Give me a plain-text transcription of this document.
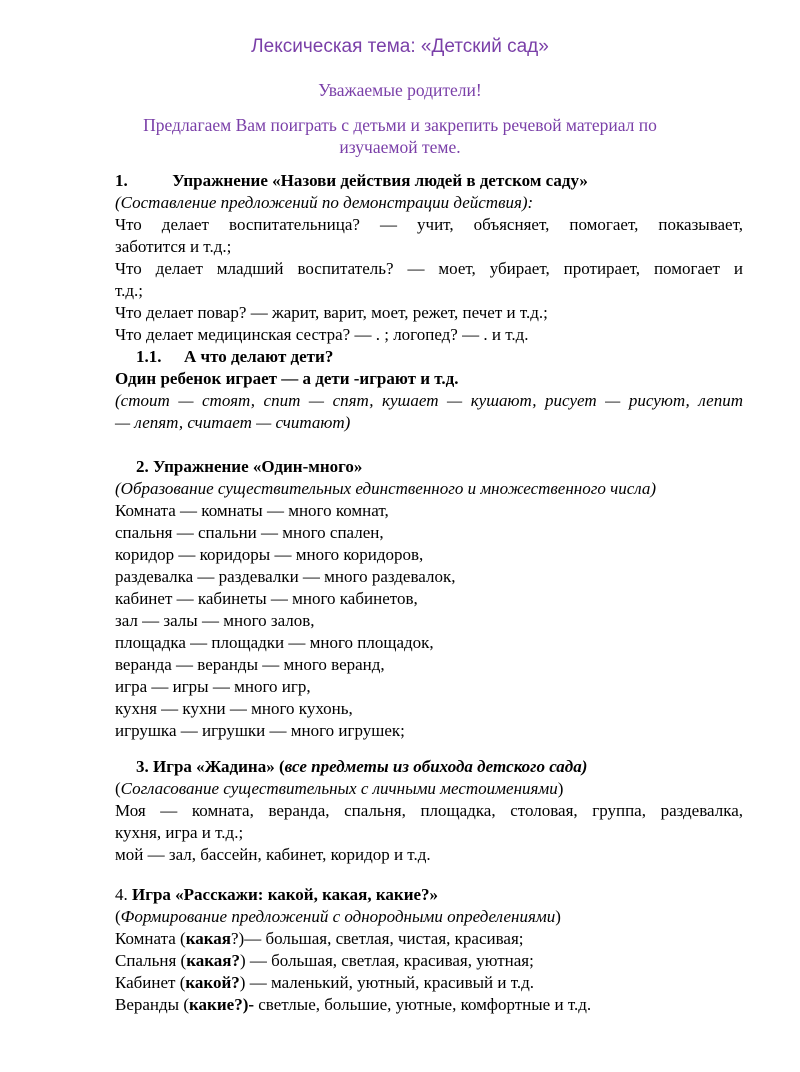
Лексическая тема: «Детский сад»
Уважаемые родители!
Предлагаем Вам поиграть с детьми и закрепить речевой материал по
изучаемой теме.
1.	Упражнение «Назови действия людей в детском саду»
(Составление предложений по демонстрации действия):
Что делает воспитательница? — учит, объясняет, помогает, показывает,
заботится и т.д.;
Что делает младший воспитатель? — моет, убирает, протирает, помогает и
т.д.;
Что делает повар? — жарит, варит, моет, режет, печет и т.д.;
Что делает медицинская сестра? — . ; логопед? — . и т.д.
1.1. А что делают дети?
Один ребенок играет — а дети -играют и т.д.
(стоит — стоят, спит — спят, кушает — кушают, рисует — рисуют, лепит
— лепят, считает — считают)
2. Упражнение «Один-много»
(Образование существительных единственного и множественного числа)
Комната — комнаты — много комнат,
спальня — спальни — много спален,
коридор — коридоры — много коридоров,
раздевалка — раздевалки — много раздевалок,
кабинет — кабинеты — много кабинетов,
зал — залы — много залов,
площадка — площадки — много площадок,
веранда — веранды — много веранд,
игра — игры — много игр,
кухня — кухни — много кухонь,
игрушка — игрушки — много игрушек;
3. Игра «Жадина» (все предметы из обихода детского сада)
(Согласование существительных с личными местоимениями)
Моя — комната, веранда, спальня, площадка, столовая, группа, раздевалка,
кухня, игра и т.д.;
мой — зал, бассейн, кабинет, коридор и т.д.
4. Игра «Расскажи: какой, какая, какие?»
(Формирование предложений с однородными определениями)
Комната (какая?)— большая, светлая, чистая, красивая;
Спальня (какая?) — большая, светлая, красивая, уютная;
Кабинет (какой?) — маленький, уютный, красивый и т.д.
Веранды (какие?)- светлые, большие, уютные, комфортные и т.д.
